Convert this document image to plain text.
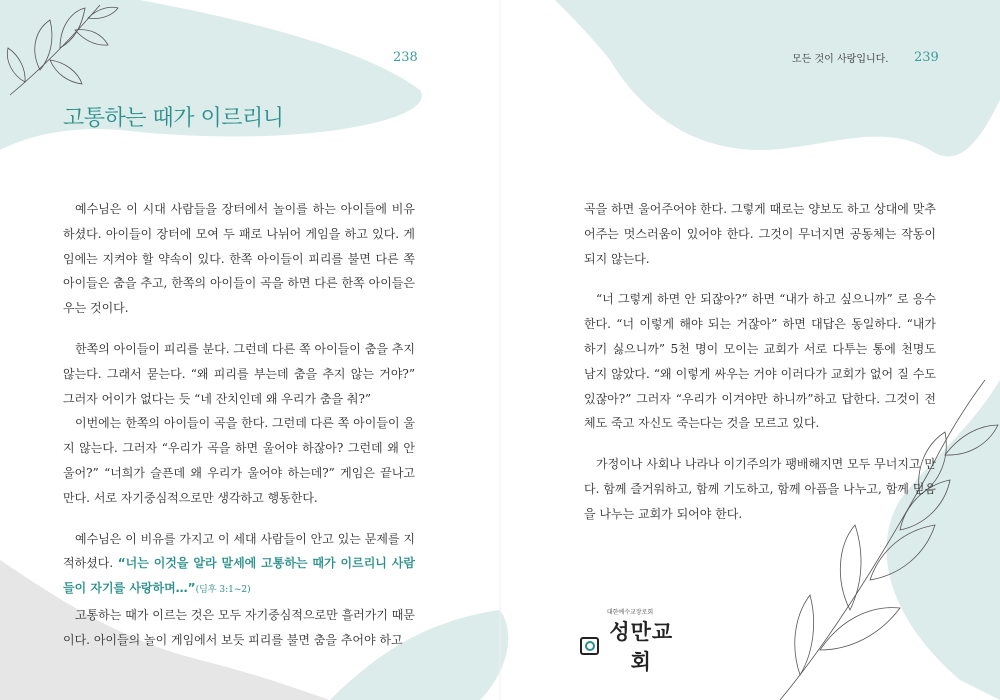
238
고통하는 때가 이르리니

예수님은 이 시대 사람들을 장터에서 놀이를 하는 아이들에 비유하셨다. 아이들이 장터에 모여 두 패로 나뉘어 게임을 하고 있다. 게임에는 지켜야 할 약속이 있다. 한쪽 아이들이 피리를 불면 다른 쪽 아이들은 춤을 추고, 한쪽의 아이들이 곡을 하면 다른 한쪽 아이들은 우는 것이다.

한쪽의 아이들이 피리를 분다. 그런데 다른 쪽 아이들이 춤을 추지 않는다. 그래서 묻는다. “왜 피리를 부는데 춤을 추지 않는 거야?” 그러자 어이가 없다는 듯 “네 잔치인데 왜 우리가 춤을 춰?”

이번에는 한쪽의 아이들이 곡을 한다. 그런데 다른 쪽 아이들이 울지 않는다. 그러자 “우리가 곡을 하면 울어야 하잖아? 그런데 왜 안 울어?” “너희가 슬픈데 왜 우리가 울어야 하는데?” 게임은 끝나고 만다. 서로 자기중심적으로만 생각하고 행동한다.

예수님은 이 비유를 가지고 이 세대 사람들이 안고 있는 문제를 지적하셨다. “너는 이것을 알라 말세에 고통하는 때가 이르리니 사람들이 자기를 사랑하며…”(딤후 3:1~2)

고통하는 때가 이르는 것은 모두 자기중심적으로만 흘러가기 때문이다. 아이들의 놀이 게임에서 보듯 피리를 불면 춤을 추어야 하고

모든 것이 사랑입니다. 239

곡을 하면 울어주어야 한다. 그렇게 때로는 양보도 하고 상대에 맞추어주는 멋스러움이 있어야 한다. 그것이 무너지면 공동체는 작동이 되지 않는다.

“너 그렇게 하면 안 되잖아?” 하면 “내가 하고 싶으니까” 로 응수한다. “너 이렇게 해야 되는 거잖아” 하면 대답은 동일하다. “내가 하기 싫으니까” 5천 명이 모이는 교회가 서로 다투는 통에 천명도 남지 않았다. “왜 이렇게 싸우는 거야 이러다가 교회가 없어 질 수도 있잖아?” 그러자 “우리가 이겨야만 하니까”하고 답한다. 그것이 전체도 죽고 자신도 죽는다는 것을 모르고 있다.

가정이나 사회나 나라나 이기주의가 팽배해지면 모두 무너지고 만다. 함께 즐거워하고, 함께 기도하고, 함께 아픔을 나누고, 함께 믿음을 나누는 교회가 되어야 한다.

대한예수교장로회
성만교회
